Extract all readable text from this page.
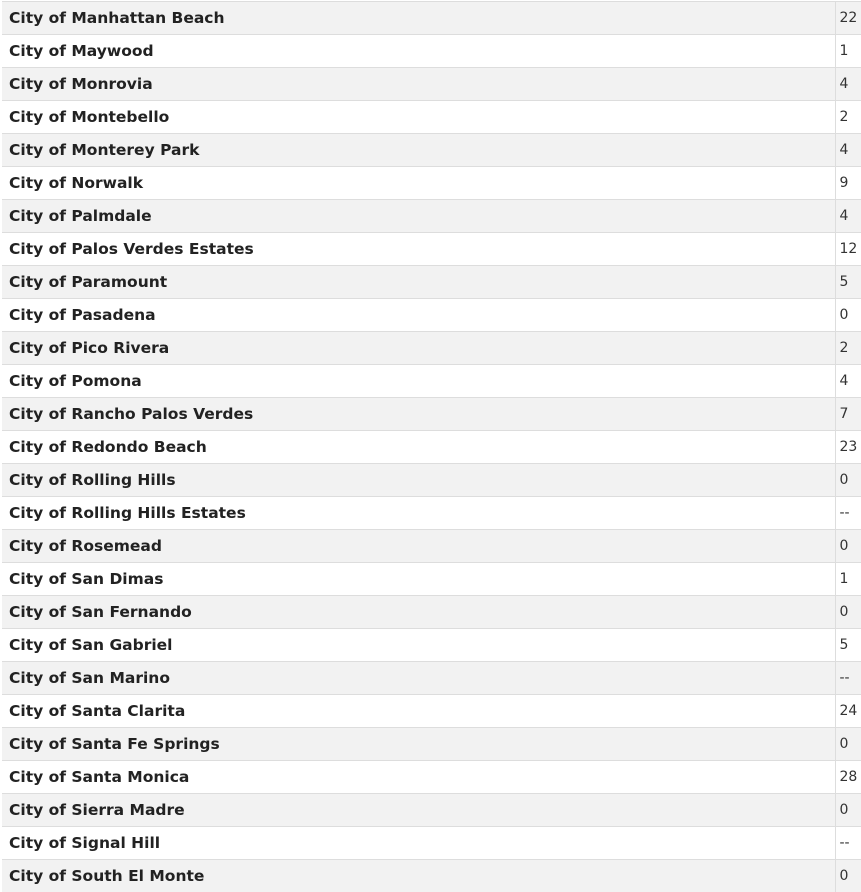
City of Manhattan Beach	22
City of Maywood	1
City of Monrovia	4
City of Montebello	2
City of Monterey Park	4
City of Norwalk	9
City of Palmdale	4
City of Palos Verdes Estates	12
City of Paramount	5
City of Pasadena	0
City of Pico Rivera	2
City of Pomona	4
City of Rancho Palos Verdes	7
City of Redondo Beach	23
City of Rolling Hills	0
City of Rolling Hills Estates	--
City of Rosemead	0
City of San Dimas	1
City of San Fernando	0
City of San Gabriel	5
City of San Marino	--
City of Santa Clarita	24
City of Santa Fe Springs	0
City of Santa Monica	28
City of Sierra Madre	0
City of Signal Hill	--
City of South El Monte	0
